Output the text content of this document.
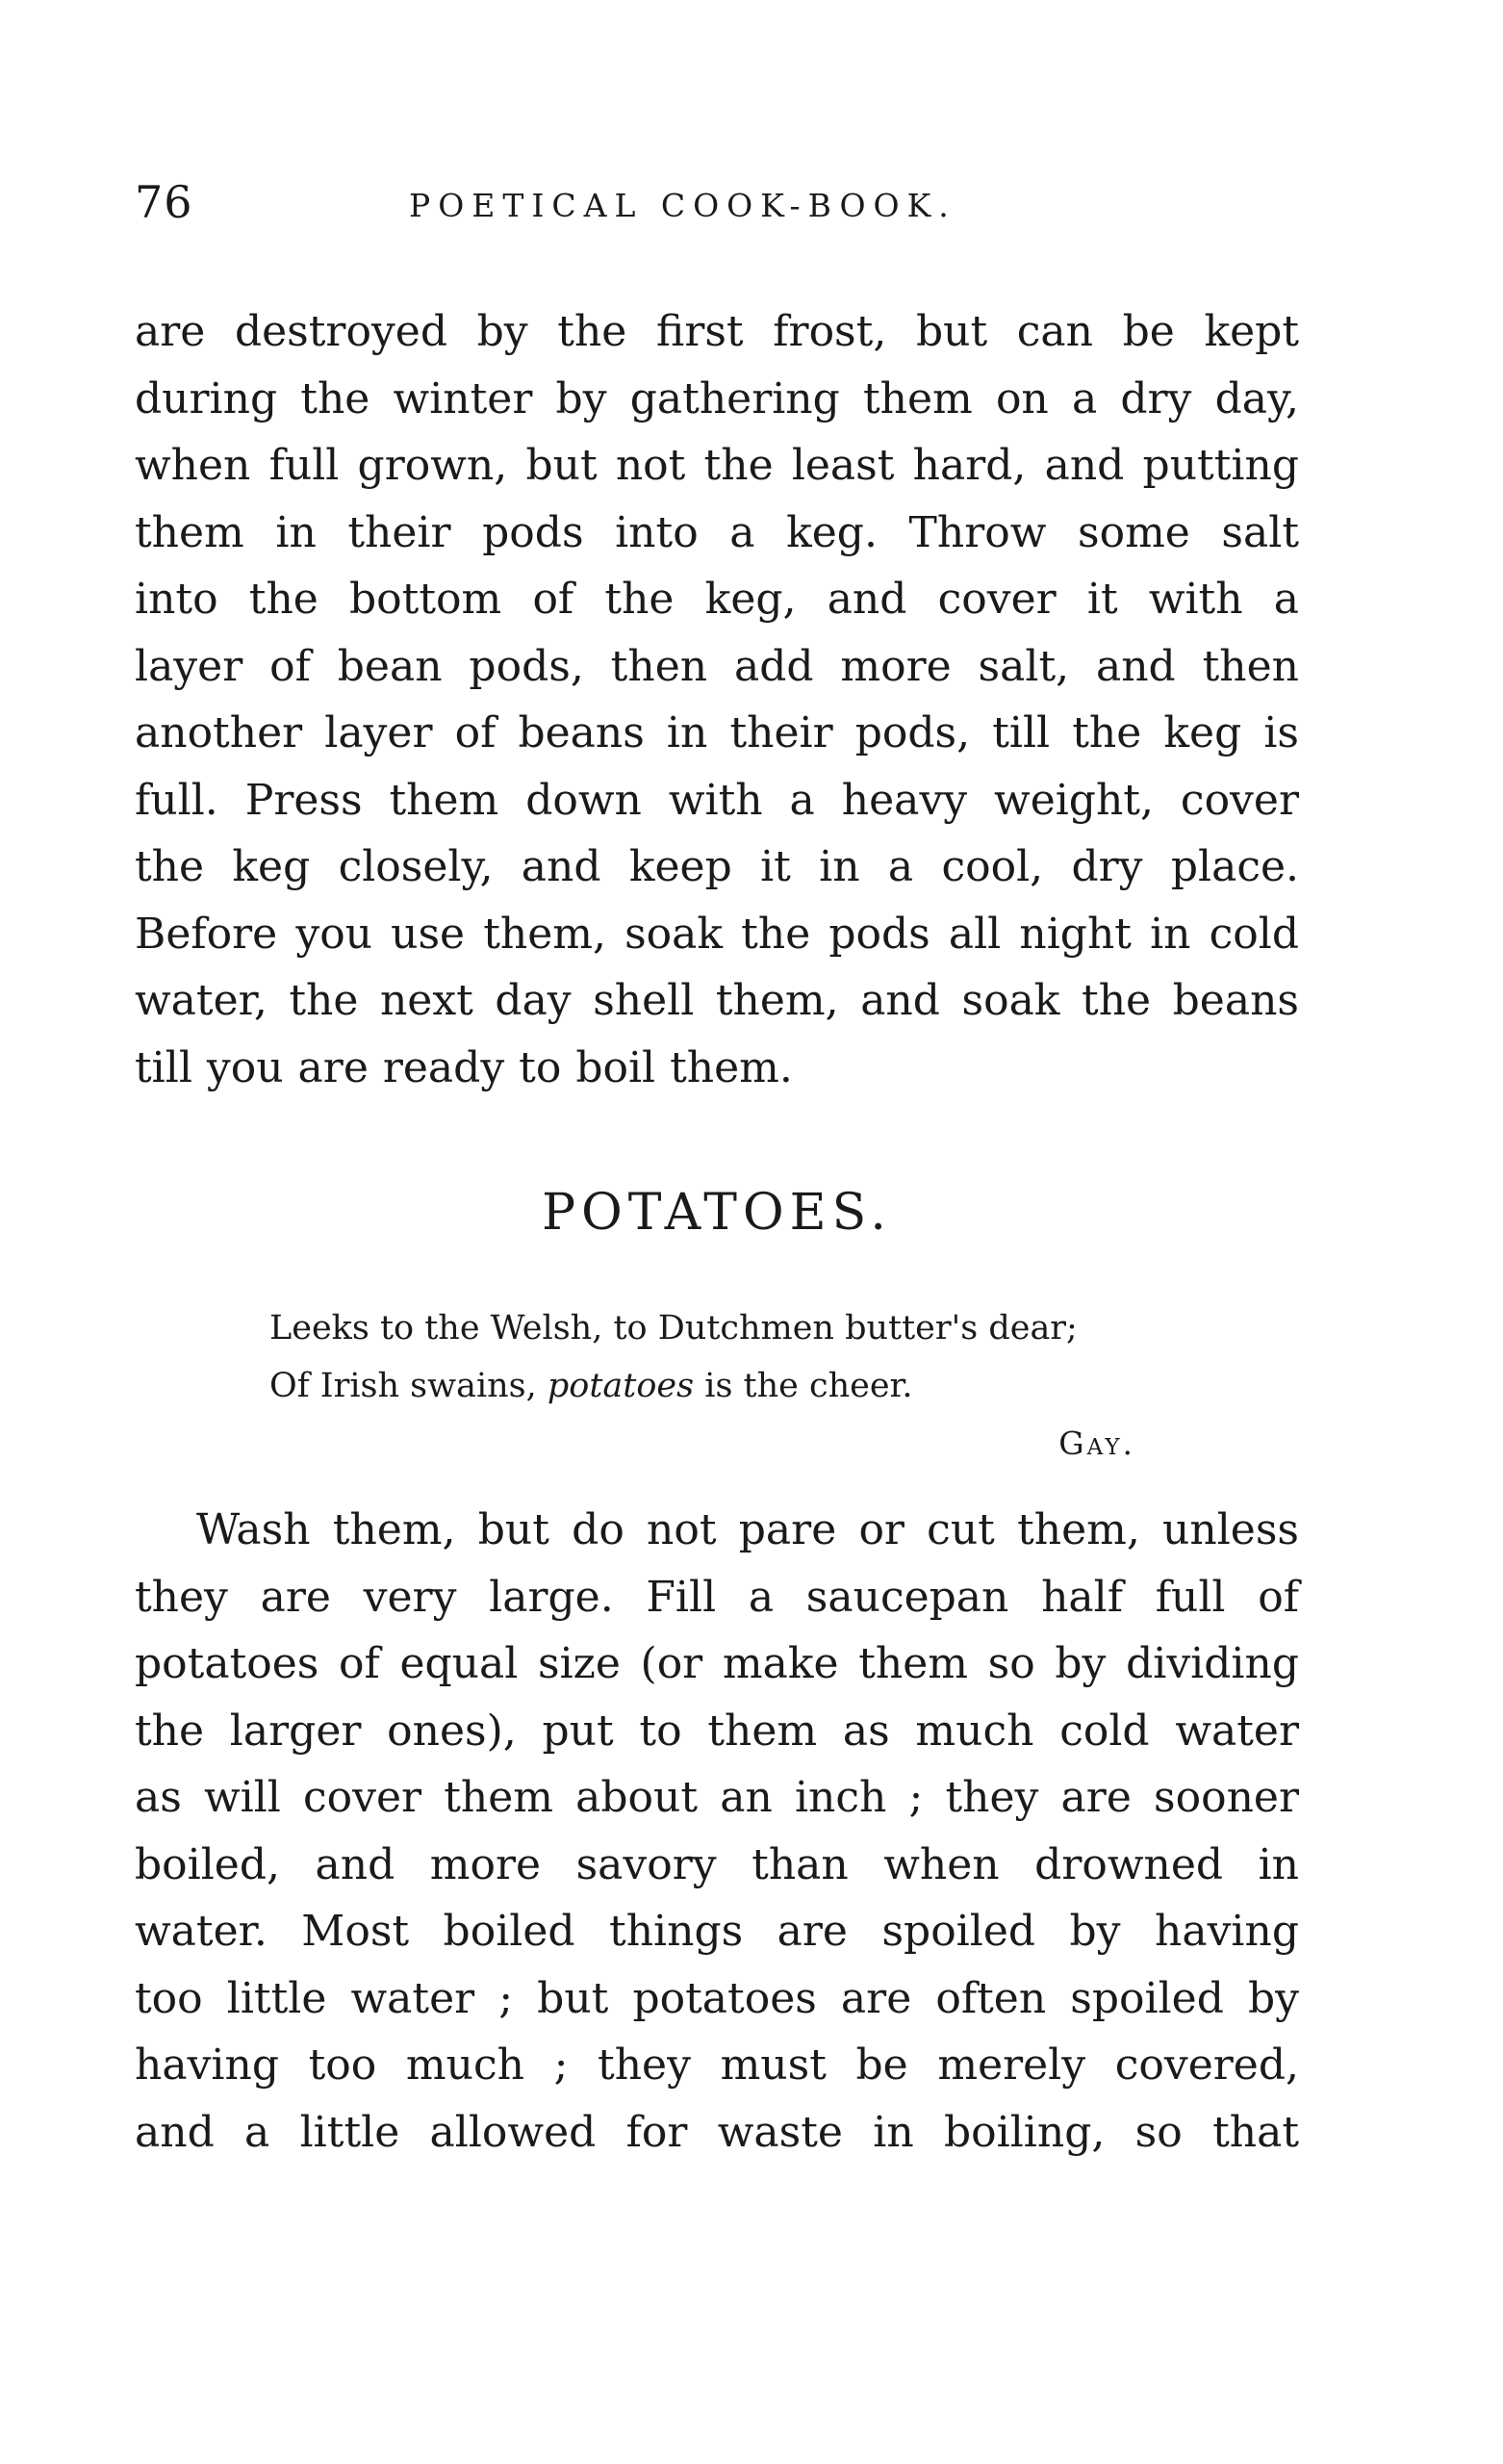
76	POETICAL COOK-BOOK.
are destroyed by the first frost, but can be kept
during the winter by gathering them on a dry day,
when full grown, but not the least hard, and putting
them in their pods into a keg. Throw some salt
into the bottom of the keg, and cover it with a
layer of bean pods, then add more salt, and then
another layer of beans in their pods, till the keg is
full. Press them down with a heavy weight, cover
the keg closely, and keep it in a cool, dry place.
Before you use them, soak the pods all night in cold
water, the next day shell them, and soak the beans
till you are ready to boil them.
POTATOES.
Leeks to the Welsh, to Dutchmen butter's dear;
Of Irish swains, potatoes is the cheer.
Gay.
Wash them, but do not pare or cut them, unless
they are very large. Fill a saucepan half full of
potatoes of equal size (or make them so by dividing
the larger ones), put to them as much cold water
as will cover them about an inch ; they are sooner
boiled, and more savory than when drowned in
water. Most boiled things are spoiled by having
too little water ; but potatoes are often spoiled by
having too much ; they must be merely covered,
and a little allowed for waste in boiling, so that
